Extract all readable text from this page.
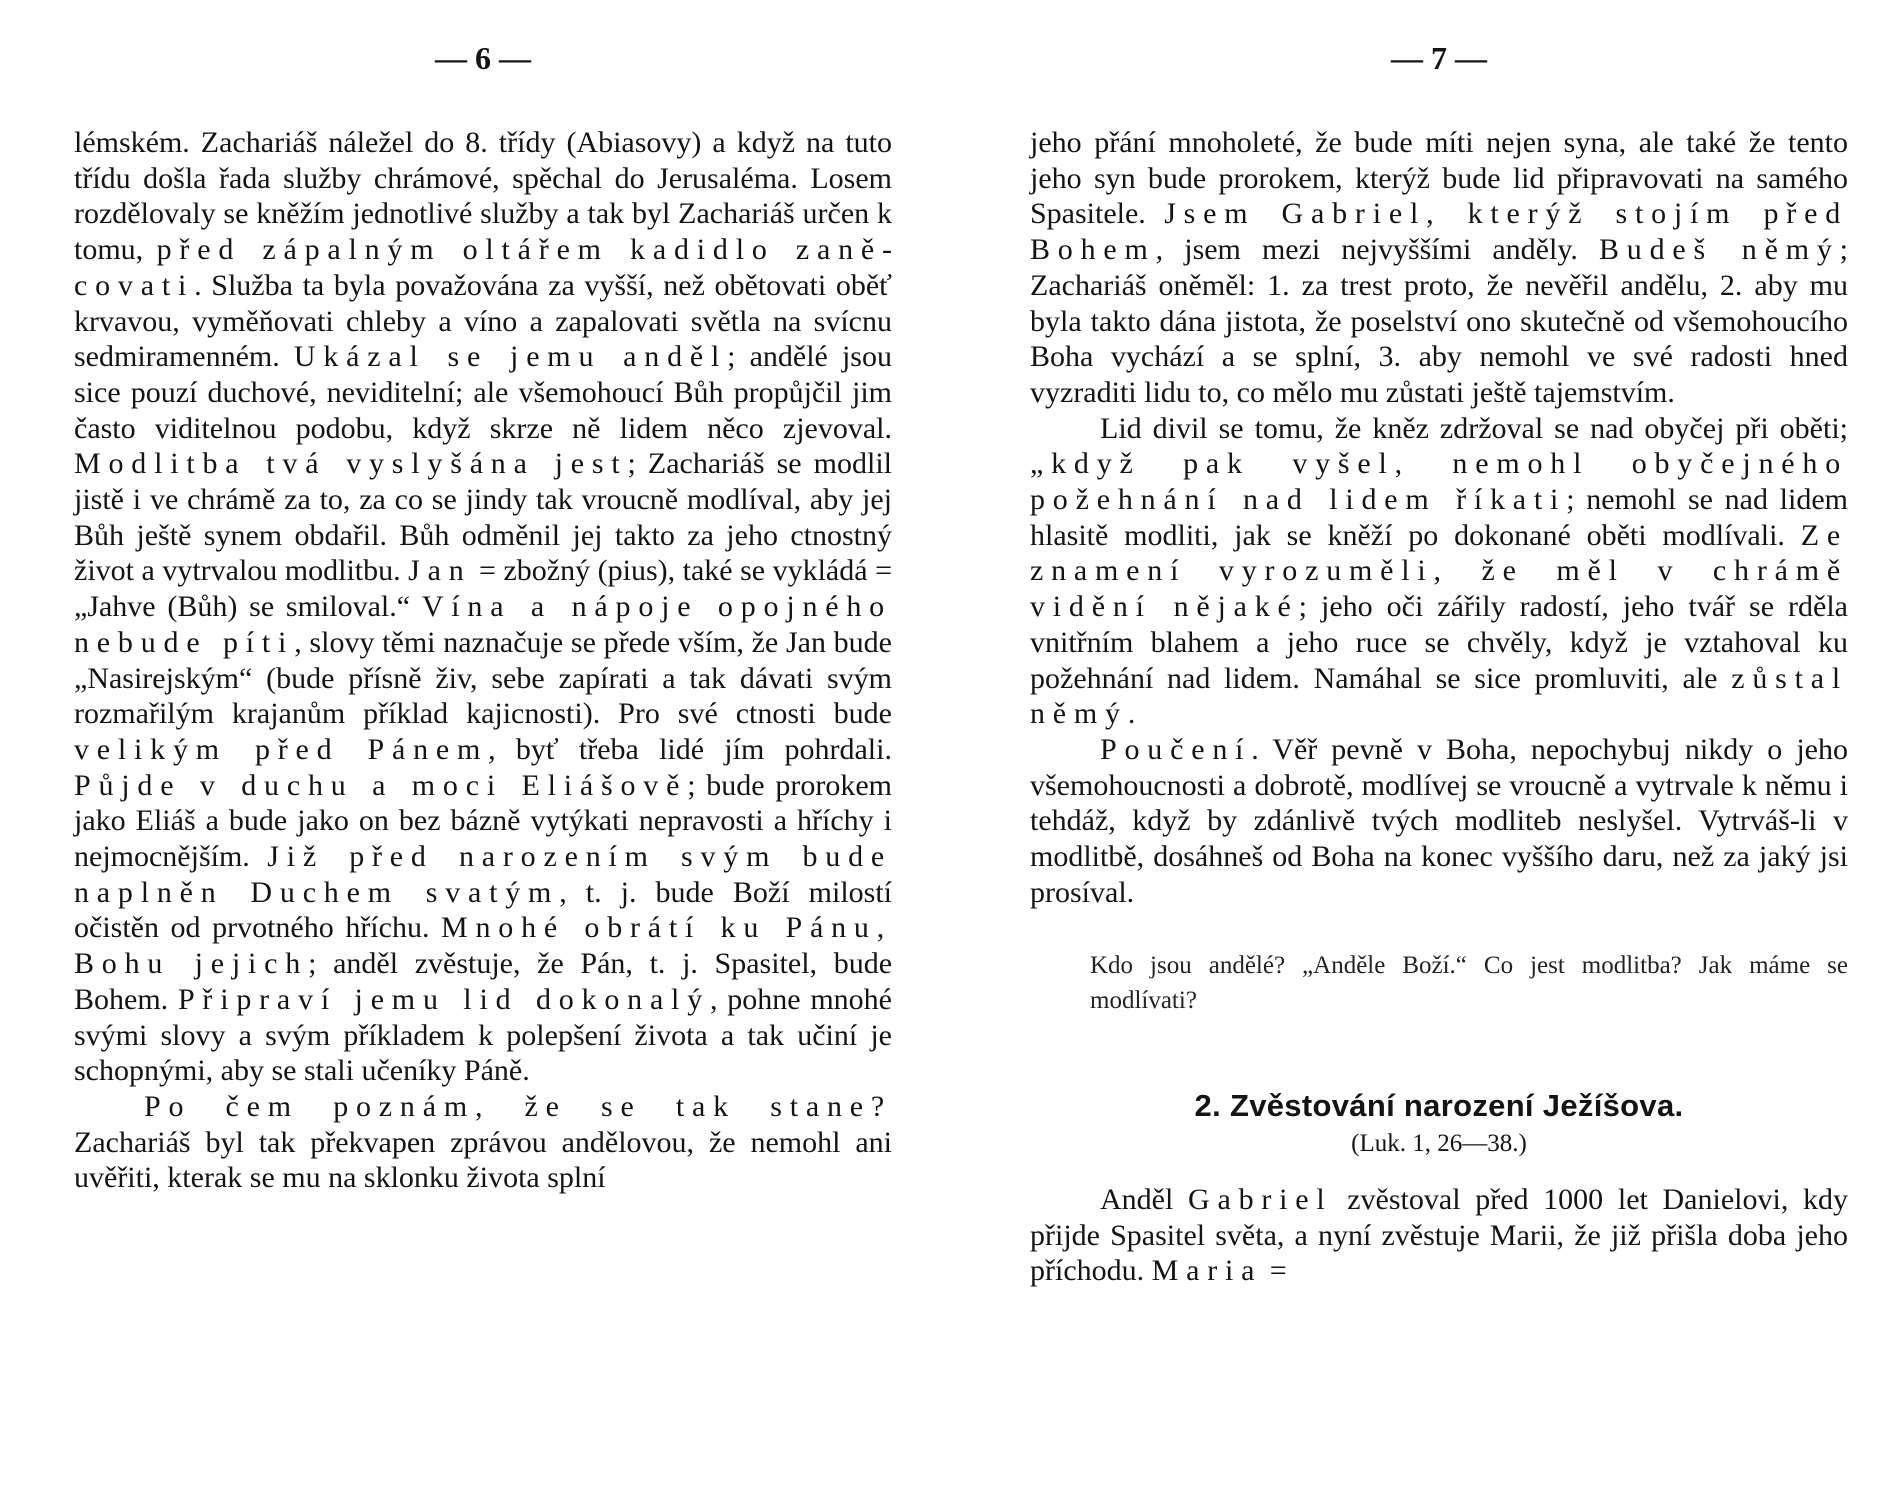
— 6 —

lémském. Zachariáš náležel do 8. třídy (Abiasovy) a když na tuto třídu došla řada služby chrámové, spěchal do Jerusaléma. Losem rozdělovaly se kněžím jednotlivé služby a tak byl Zachariáš určen k tomu, před zápalným oltářem kadidlo zaněcovati. Služba ta byla považována za vyšší, než obětovati oběť krvavou, vyměňovati chleby a víno a zapalovati světla na svícnu sedmiramenném. Ukázal se jemu anděl; andělé jsou sice pouzí duchové, neviditelní; ale všemohoucí Bůh propůjčil jim často viditelnou podobu, když skrze ně lidem něco zjevoval. Modlitba tvá vyslyšána jest; Zachariáš se modlil jistě i ve chrámě za to, za co se jindy tak vroucně modlíval, aby jej Bůh ještě synem obdařil. Bůh odměnil jej takto za jeho ctnostný život a vytrvalou modlitbu. Jan = zbožný (pius), také se vykládá = „Jahve (Bůh) se smiloval.“ Vína a nápoje opojného nebude píti, slovy těmi naznačuje se přede vším, že Jan bude „Nasirejským“ (bude přísně živ, sebe zapírati a tak dávati svým rozmařilým krajanům příklad kajicnosti). Pro své ctnosti bude velikým před Pánem, byť třeba lidé jím pohrdali. Půjde v duchu a moci Eliášově; bude prorokem jako Eliáš a bude jako on bez bázně vytýkati nepravosti a hříchy i nejmocnějším. Již před narozením svým bude naplněn Duchem svatým, t. j. bude Boží milostí očistěn od prvotného hříchu. Mnohé obrátí ku Pánu, Bohu jejich; anděl zvěstuje, že Pán, t. j. Spasitel, bude Bohem. Připraví jemu lid dokonalý, pohne mnohé svými slovy a svým příkladem k polepšení života a tak učiní je schopnými, aby se stali učeníky Páně.

Po čem poznám, že se tak stane? Zachariáš byl tak překvapen zprávou andělovou, že nemohl ani uvěřiti, kterak se mu na sklonku života splní

— 7 —

jeho přání mnoholeté, že bude míti nejen syna, ale také že tento jeho syn bude prorokem, kterýž bude lid připravovati na samého Spasitele. Jsem Gabriel, kterýž stojím před Bohem, jsem mezi nejvyššími anděly. Budeš němý; Zachariáš oněměl: 1. za trest proto, že nevěřil andělu, 2. aby mu byla takto dána jistota, že poselství ono skutečně od všemohoucího Boha vychází a se splní, 3. aby nemohl ve své radosti hned vyzraditi lidu to, co mělo mu zůstati ještě tajemstvím.

Lid divil se tomu, že kněz zdržoval se nad obyčej při oběti; „když pak vyšel, nemohl obyčejného požehnání nad lidem říkati; nemohl se nad lidem hlasitě modliti, jak se kněží po dokonané oběti modlívali. Ze znamení vyrozuměli, že měl v chrámě vidění nějaké; jeho oči zářily radostí, jeho tvář se rděla vnitřním blahem a jeho ruce se chvěly, když je vztahoval ku požehnání nad lidem. Namáhal se sice promluviti, ale zůstal němý.

Poučení. Věř pevně v Boha, nepochybuj nikdy o jeho všemohoucnosti a dobrotě, modlívej se vroucně a vytrvale k němu i tehdáž, když by zdánlivě tvých modliteb neslyšel. Vytrváš-li v modlitbě, dosáhneš od Boha na konec vyššího daru, než za jaký jsi prosíval.

Kdo jsou andělé? „Anděle Boží.“ Co jest modlitba? Jak máme se modlívati?

2. Zvěstování narození Ježíšova.

(Luk. 1, 26—38.)

Anděl Gabriel zvěstoval před 1000 let Danielovi, kdy přijde Spasitel světa, a nyní zvěstuje Marii, že již přišla doba jeho příchodu. Maria =
